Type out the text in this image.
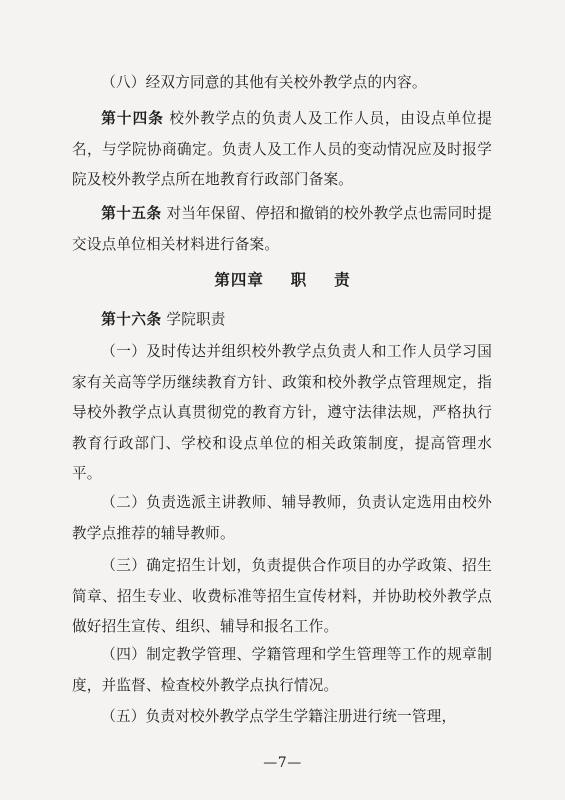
（八）经双方同意的其他有关校外教学点的内容。

第十四条 校外教学点的负责人及工作人员，由设点单位提名，与学院协商确定。负责人及工作人员的变动情况应及时报学院及校外教学点所在地教育行政部门备案。

第十五条 对当年保留、停招和撤销的校外教学点也需同时提交设点单位相关材料进行备案。

第四章 职 责

第十六条 学院职责

（一）及时传达并组织校外教学点负责人和工作人员学习国家有关高等学历继续教育方针、政策和校外教学点管理规定，指导校外教学点认真贯彻党的教育方针，遵守法律法规，严格执行教育行政部门、学校和设点单位的相关政策制度，提高管理水平。

（二）负责选派主讲教师、辅导教师，负责认定选用由校外教学点推荐的辅导教师。

（三）确定招生计划，负责提供合作项目的办学政策、招生简章、招生专业、收费标准等招生宣传材料，并协助校外教学点做好招生宣传、组织、辅导和报名工作。

（四）制定教学管理、学籍管理和学生管理等工作的规章制度，并监督、检查校外教学点执行情况。

（五）负责对校外教学点学生学籍注册进行统一管理，

—7—
